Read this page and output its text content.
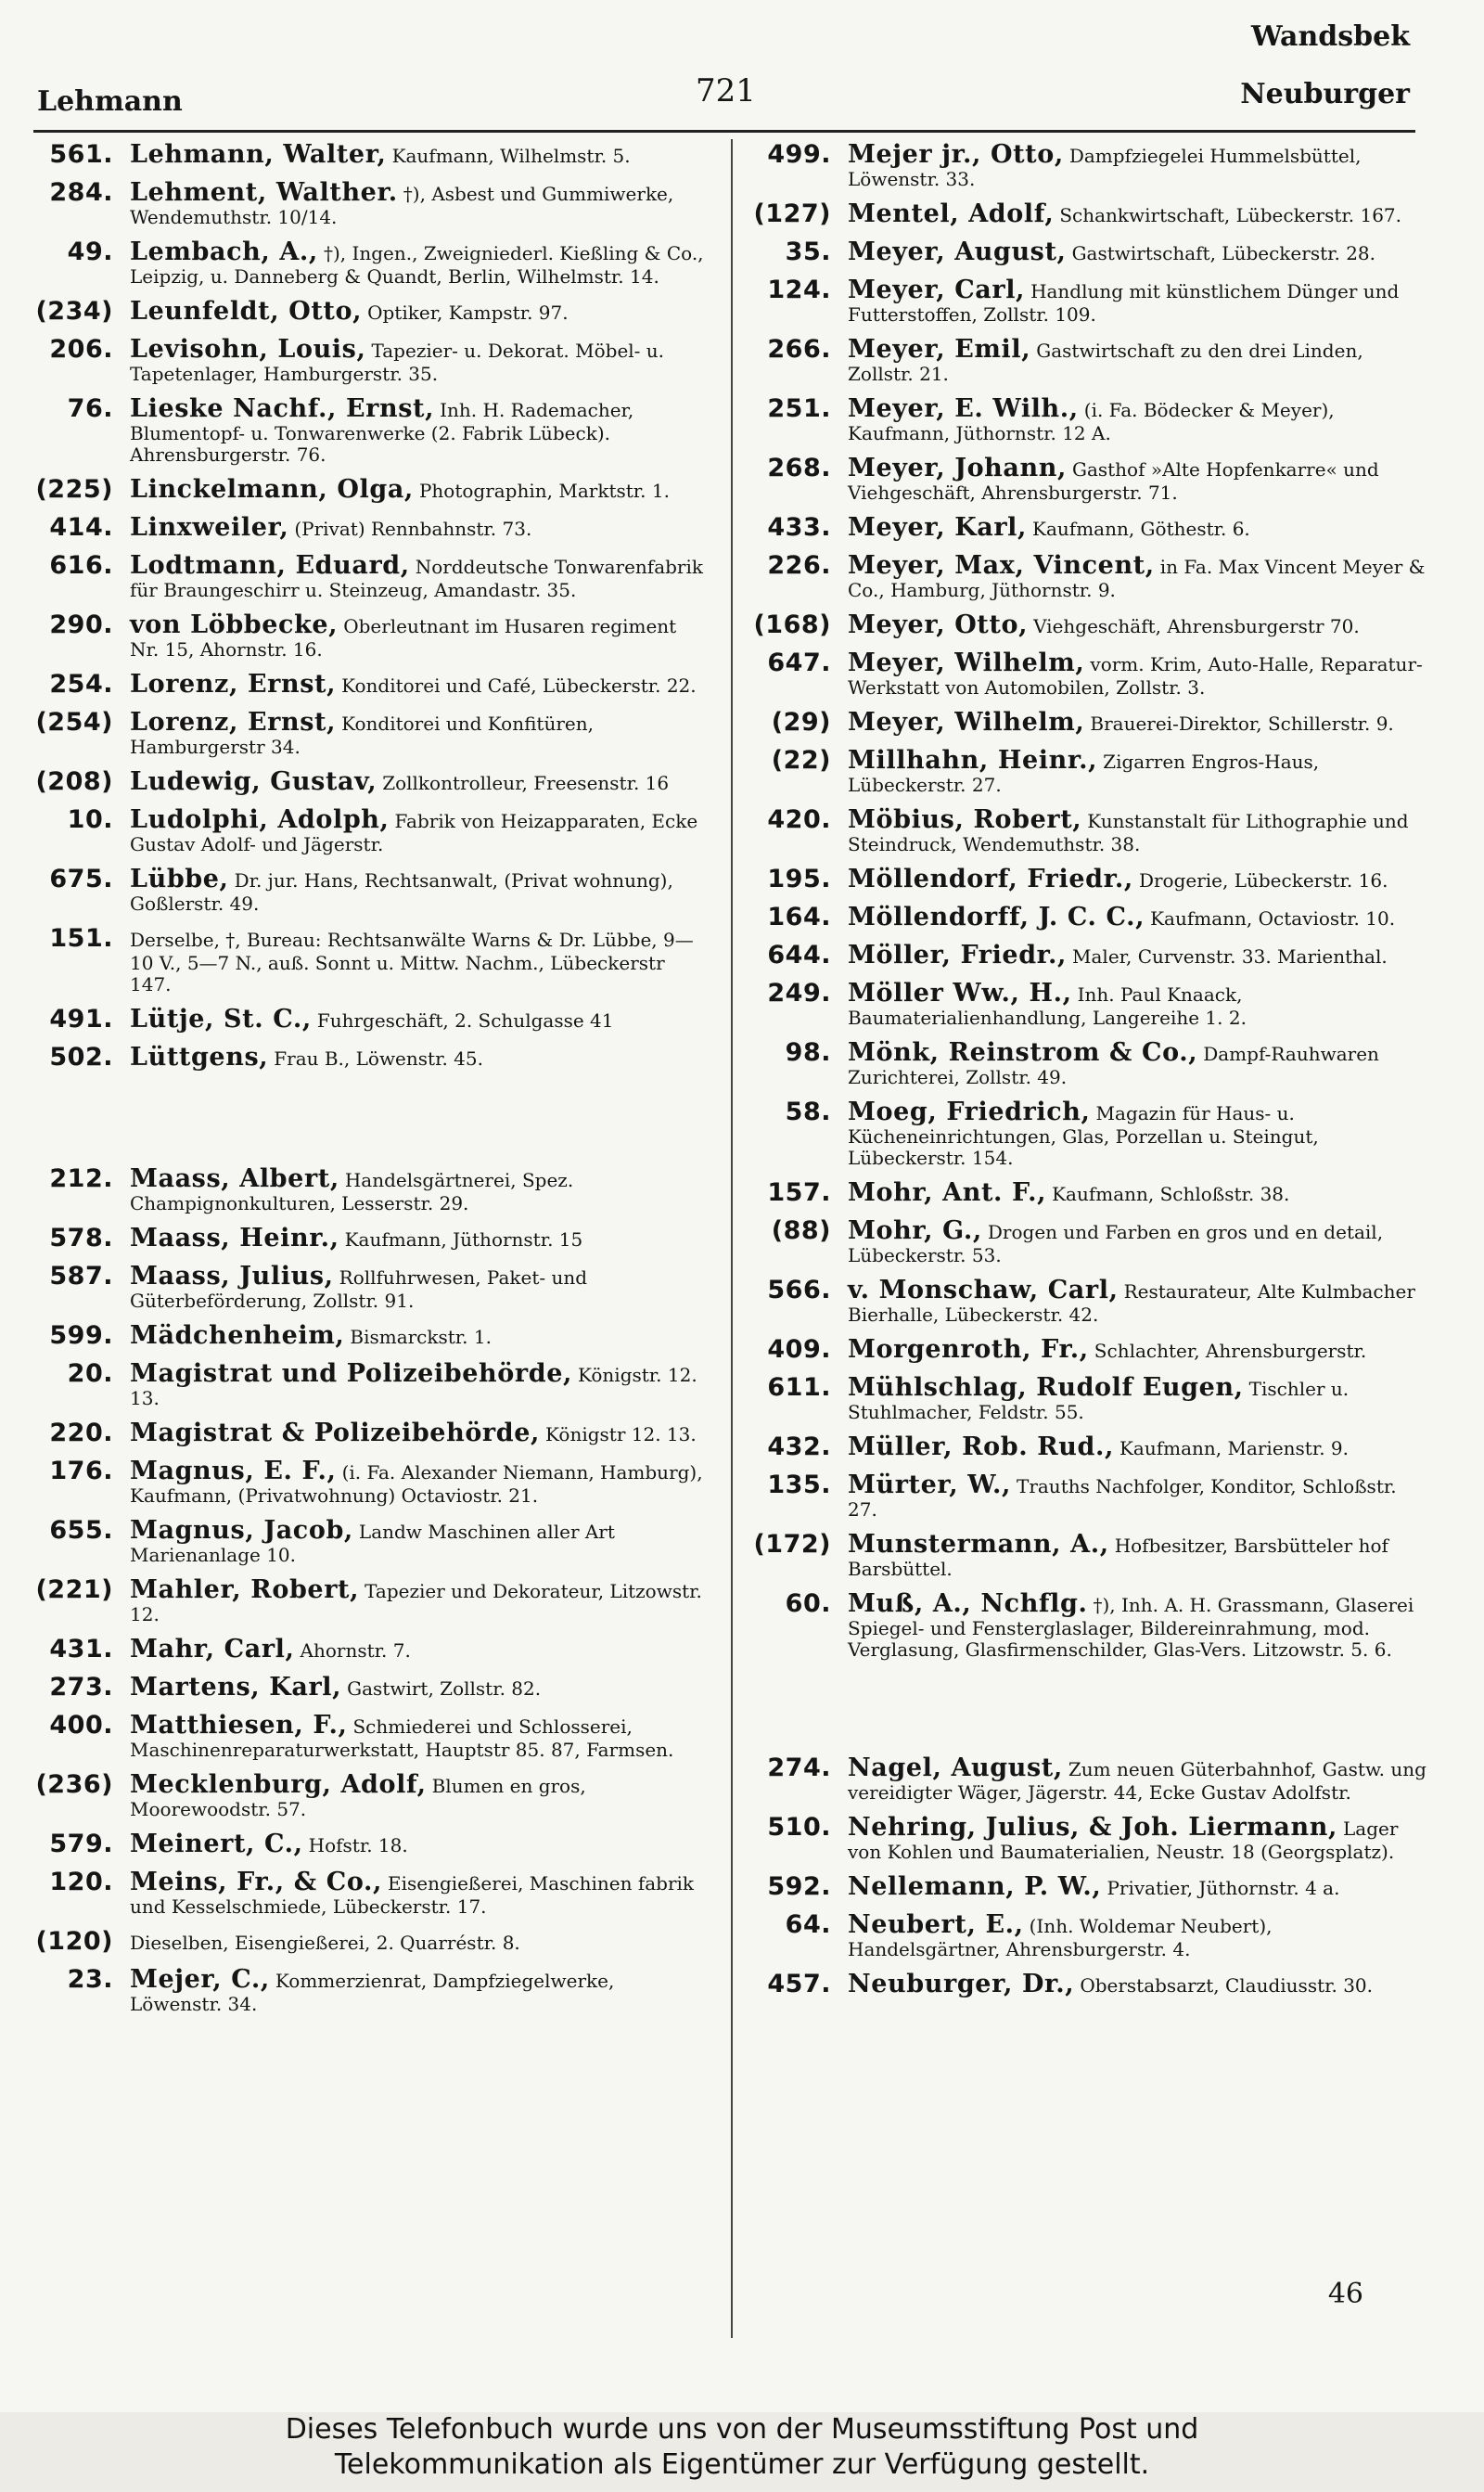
Lehmann	721
Wandsbek
Neuburger
561. Lehmann, Walter, Kaufmann, Wilhelmstr. 5.
284. Lehment, Walther. †), Asbest und Gummiwerke, Wendemuthstr. 10/14.
49. Lembach, A., †), Ingen., Zweigniederl. Kießling & Co., Leipzig, u. Danneberg & Quandt, Berlin, Wilhelmstr. 14.
(234) Leunfeldt, Otto, Optiker, Kampstr. 97.
206. Levisohn, Louis, Tapezier- u. Dekorat. Möbel- u. Tapetenlager, Hamburgerstr. 35.
76. Lieske Nachf., Ernst, Inh. H. Rademacher, Blumentopf- u. Tonwarenwerke (2. Fabrik Lübeck). Ahrensburgerstr. 76.
(225) Linckelmann, Olga, Photographin, Marktstr. 1.
414. Linxweiler, (Privat) Rennbahnstr. 73.
616. Lodtmann, Eduard, Norddeutsche Tonwarenfabrik für Braungeschirr u. Steinzeug, Amandastr. 35.
290. von Löbbecke, Oberleutnant im Husaren regiment Nr. 15, Ahornstr. 16.
254. Lorenz, Ernst, Konditorei und Café, Lübeckerstr. 22.
(254) Lorenz, Ernst, Konditorei und Konfitüren, Hamburgerstr 34.
(208) Ludewig, Gustav, Zollkontrolleur, Freesenstr. 16
10. Ludolphi, Adolph, Fabrik von Heizapparaten, Ecke Gustav Adolf- und Jägerstr.
675. Lübbe, Dr. jur. Hans, Rechtsanwalt, (Privat wohnung), Goßlerstr. 49.
151. Derselbe, †, Bureau: Rechtsanwälte Warns & Dr. Lübbe, 9—10 V., 5—7 N., auß. Sonnt u. Mittw. Nachm., Lübeckerstr 147.
491. Lütje, St. C., Fuhrgeschäft, 2. Schulgasse 41
502. Lüttgens, Frau B., Löwenstr. 45.
212. Maass, Albert, Handelsgärtnerei, Spez. Champignonkulturen, Lesserstr. 29.
578. Maass, Heinr., Kaufmann, Jüthornstr. 15
587. Maass, Julius, Rollfuhrwesen, Paket- und Güterbeförderung, Zollstr. 91.
599. Mädchenheim, Bismarckstr. 1.
20. Magistrat und Polizeibehörde, Königstr. 12. 13.
220. Magistrat & Polizeibehörde, Königstr 12. 13.
176. Magnus, E. F., (i. Fa. Alexander Niemann, Hamburg), Kaufmann, (Privatwohnung) Octaviostr. 21.
655. Magnus, Jacob, Landw Maschinen aller Art Marienanlage 10.
(221) Mahler, Robert, Tapezier und Dekorateur, Litzowstr. 12.
431. Mahr, Carl, Ahornstr. 7.
273. Martens, Karl, Gastwirt, Zollstr. 82.
400. Matthiesen, F., Schmiederei und Schlosserei, Maschinenreparaturwerkstatt, Hauptstr 85. 87, Farmsen.
(236) Mecklenburg, Adolf, Blumen en gros, Moorewoodstr. 57.
579. Meinert, C., Hofstr. 18.
120. Meins, Fr., & Co., Eisengießerei, Maschinen fabrik und Kesselschmiede, Lübeckerstr. 17.
(120) Dieselben, Eisengießerei, 2. Quarréstr. 8.
23. Mejer, C., Kommerzienrat, Dampfziegelwerke, Löwenstr. 34.
499. Mejer jr., Otto, Dampfziegelei Hummelsbüttel, Löwenstr. 33.
(127) Mentel, Adolf, Schankwirtschaft, Lübeckerstr. 167.
35. Meyer, August, Gastwirtschaft, Lübeckerstr. 28.
124. Meyer, Carl, Handlung mit künstlichem Dünger und Futterstoffen, Zollstr. 109.
266. Meyer, Emil, Gastwirtschaft zu den drei Linden, Zollstr. 21.
251. Meyer, E. Wilh., (i. Fa. Bödecker & Meyer), Kaufmann, Jüthornstr. 12 A.
268. Meyer, Johann, Gasthof »Alte Hopfenkarre« und Viehgeschäft, Ahrensburgerstr. 71.
433. Meyer, Karl, Kaufmann, Göthestr. 6.
226. Meyer, Max, Vincent, in Fa. Max Vincent Meyer & Co., Hamburg, Jüthornstr. 9.
(168) Meyer, Otto, Viehgeschäft, Ahrensburgerstr 70.
647. Meyer, Wilhelm, vorm. Krim, Auto-Halle, Reparatur-Werkstatt von Automobilen, Zollstr. 3.
(29) Meyer, Wilhelm, Brauerei-Direktor, Schillerstr. 9.
(22) Millhahn, Heinr., Zigarren Engros-Haus, Lübeckerstr. 27.
420. Möbius, Robert, Kunstanstalt für Lithographie und Steindruck, Wendemuthstr. 38.
195. Möllendorf, Friedr., Drogerie, Lübeckerstr. 16.
164. Möllendorff, J. C. C., Kaufmann, Octaviostr. 10.
644. Möller, Friedr., Maler, Curvenstr. 33. Marienthal.
249. Möller Ww., H., Inh. Paul Knaack, Baumaterialienhandlung, Langereihe 1. 2.
98. Mönk, Reinstrom & Co., Dampf-Rauhwaren Zurichterei, Zollstr. 49.
58. Moeg, Friedrich, Magazin für Haus- u. Kücheneinrichtungen, Glas, Porzellan u. Steingut, Lübeckerstr. 154.
157. Mohr, Ant. F., Kaufmann, Schloßstr. 38.
(88) Mohr, G., Drogen und Farben en gros und en detail, Lübeckerstr. 53.
566. v. Monschaw, Carl, Restaurateur, Alte Kulmbacher Bierhalle, Lübeckerstr. 42.
409. Morgenroth, Fr., Schlachter, Ahrensburgerstr.
611. Mühlschlag, Rudolf Eugen, Tischler u. Stuhlmacher, Feldstr. 55.
432. Müller, Rob. Rud., Kaufmann, Marienstr. 9.
135. Mürter, W., Trauths Nachfolger, Konditor, Schloßstr. 27.
(172) Munstermann, A., Hofbesitzer, Barsbütteler hof Barsbüttel.
60. Muß, A., Nchflg. †), Inh. A. H. Grassmann, Glaserei Spiegel- und Fensterglaslager, Bildereinrahmung, mod. Verglasung, Glasfirmenschilder, Glas-Vers. Litzowstr. 5. 6.
274. Nagel, August, Zum neuen Güterbahnhof, Gastw. ung vereidigter Wäger, Jägerstr. 44, Ecke Gustav Adolfstr.
510. Nehring, Julius, & Joh. Liermann, Lager von Kohlen und Baumaterialien, Neustr. 18 (Georgsplatz).
592. Nellemann, P. W., Privatier, Jüthornstr. 4 a.
64. Neubert, E., (Inh. Woldemar Neubert), Handelsgärtner, Ahrensburgerstr. 4.
457. Neuburger, Dr., Oberstabsarzt, Claudiusstr. 30.
46
Dieses Telefonbuch wurde uns von der Museumsstiftung Post und
Telekommunikation als Eigentümer zur Verfügung gestellt.
